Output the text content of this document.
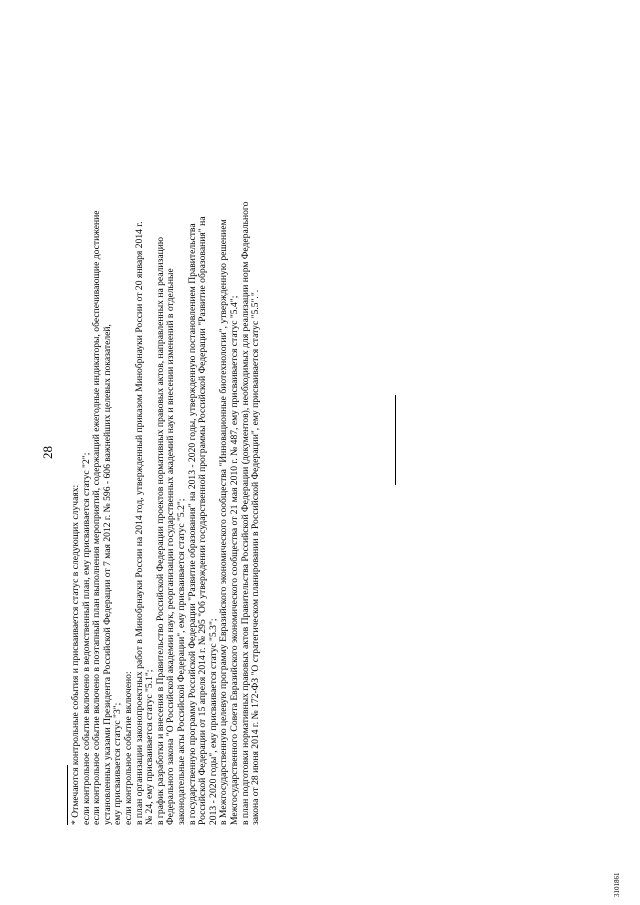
28
* Отмечаются контрольные события и присваивается статус в следующих случаях: если контрольное событие включено в ведомственный план, ему присваивается статус "2"; если контрольное событие включено в поэтапный план выполнения мероприятий, содержащий ежегодные индикаторы, обеспечивающие достижение установленных указами Президента Российской Федерации от 7 мая 2012 г. № 596 - 606 важнейших целевых показателей, ему присваивается статус "3"; если контрольное событие включено: в план организации законопроектных работ в Минобрнауки России на 2014 год, утвержденный приказом Минобрнауки России от 20 января 2014 г. № 24, ему присваивается статус "5.1"; в график разработки и внесения в Правительство Российской Федерации проектов нормативных правовых актов, направленных на реализацию Федерального закона "О Российской академии наук, реорганизации государственных академий наук и внесении изменений в отдельные законодательные акты Российской Федерации", ему присваивается статус "5.2"; в государственную программу Российской Федерации "Развитие образования" на 2013 - 2020 годы, утвержденную постановлением Правительства Российской Федерации от 15 апреля 2014 г. № 295 "Об утверждении государственной программы Российской Федерации "Развитие образования" на 2013 - 2020 годы", ему присваивается статус "5.3"; в Межгосударственную целевую программу Евразийского экономического сообщества "Инновационные биотехнологии", утвержденную решением Межгосударственного Совета Евразийского экономического сообщества от 21 мая 2010 г. № 487, ему присваивается статус "5.4"; в план подготовки нормативных правовых актов Правительства Российской Федерации (документов), необходимых для реализации норм Федерального закона от 28 июня 2014 г. № 172-ФЗ "О стратегическом планировании в Российской Федерации", ему присваивается статус "5.5".".
3101861
